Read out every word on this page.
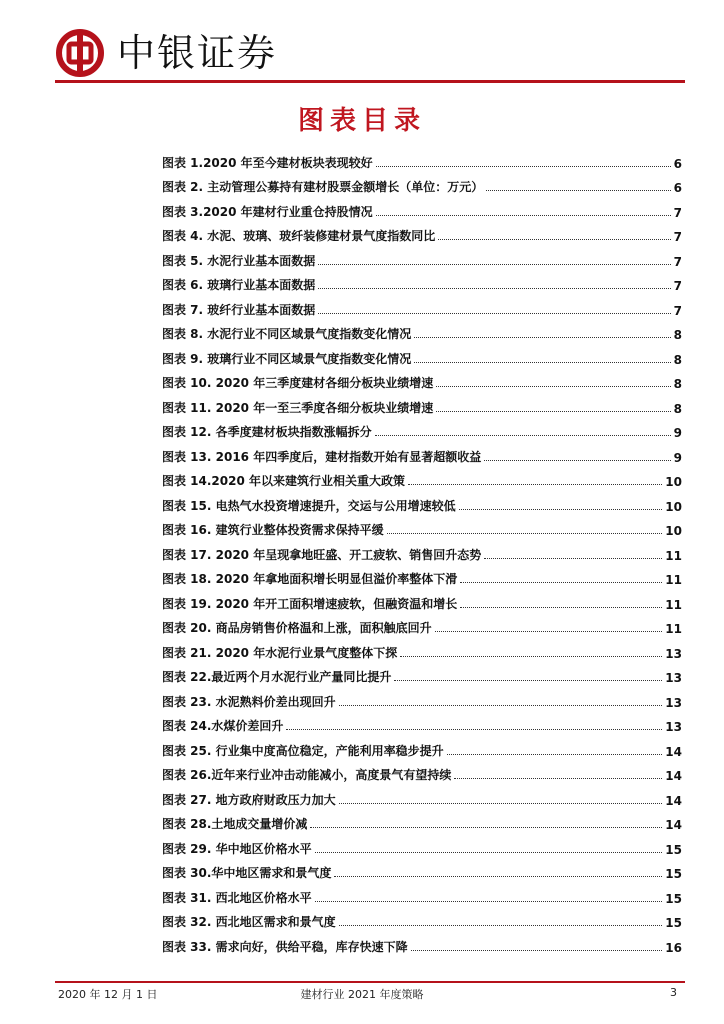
中银证券
图表目录
图表 1.2020 年至今建材板块表现较好	6
图表 2. 主动管理公募持有建材股票金额增长（单位：万元）	6
图表 3.2020 年建材行业重仓持股情况	7
图表 4. 水泥、玻璃、玻纤装修建材景气度指数同比	7
图表 5. 水泥行业基本面数据	7
图表 6. 玻璃行业基本面数据	7
图表 7. 玻纤行业基本面数据	7
图表 8. 水泥行业不同区域景气度指数变化情况	8
图表 9. 玻璃行业不同区域景气度指数变化情况	8
图表 10. 2020 年三季度建材各细分板块业绩增速	8
图表 11. 2020 年一至三季度各细分板块业绩增速	8
图表 12. 各季度建材板块指数涨幅拆分	9
图表 13. 2016 年四季度后，建材指数开始有显著超额收益	9
图表 14.2020 年以来建筑行业相关重大政策	10
图表 15. 电热气水投资增速提升，交运与公用增速较低	10
图表 16. 建筑行业整体投资需求保持平缓	10
图表 17. 2020 年呈现拿地旺盛、开工疲软、销售回升态势	11
图表 18. 2020 年拿地面积增长明显但溢价率整体下滑	11
图表 19. 2020 年开工面积增速疲软，但融资温和增长	11
图表 20. 商品房销售价格温和上涨，面积触底回升	11
图表 21. 2020 年水泥行业景气度整体下探	13
图表 22.最近两个月水泥行业产量同比提升	13
图表 23. 水泥熟料价差出现回升	13
图表 24.水煤价差回升	13
图表 25. 行业集中度高位稳定，产能利用率稳步提升	14
图表 26.近年来行业冲击动能减小，高度景气有望持续	14
图表 27. 地方政府财政压力加大	14
图表 28.土地成交量增价减	14
图表 29. 华中地区价格水平	15
图表 30.华中地区需求和景气度	15
图表 31. 西北地区价格水平	15
图表 32. 西北地区需求和景气度	15
图表 33. 需求向好，供给平稳，库存快速下降	16
2020 年 12 月 1 日	建材行业 2021 年度策略	3
